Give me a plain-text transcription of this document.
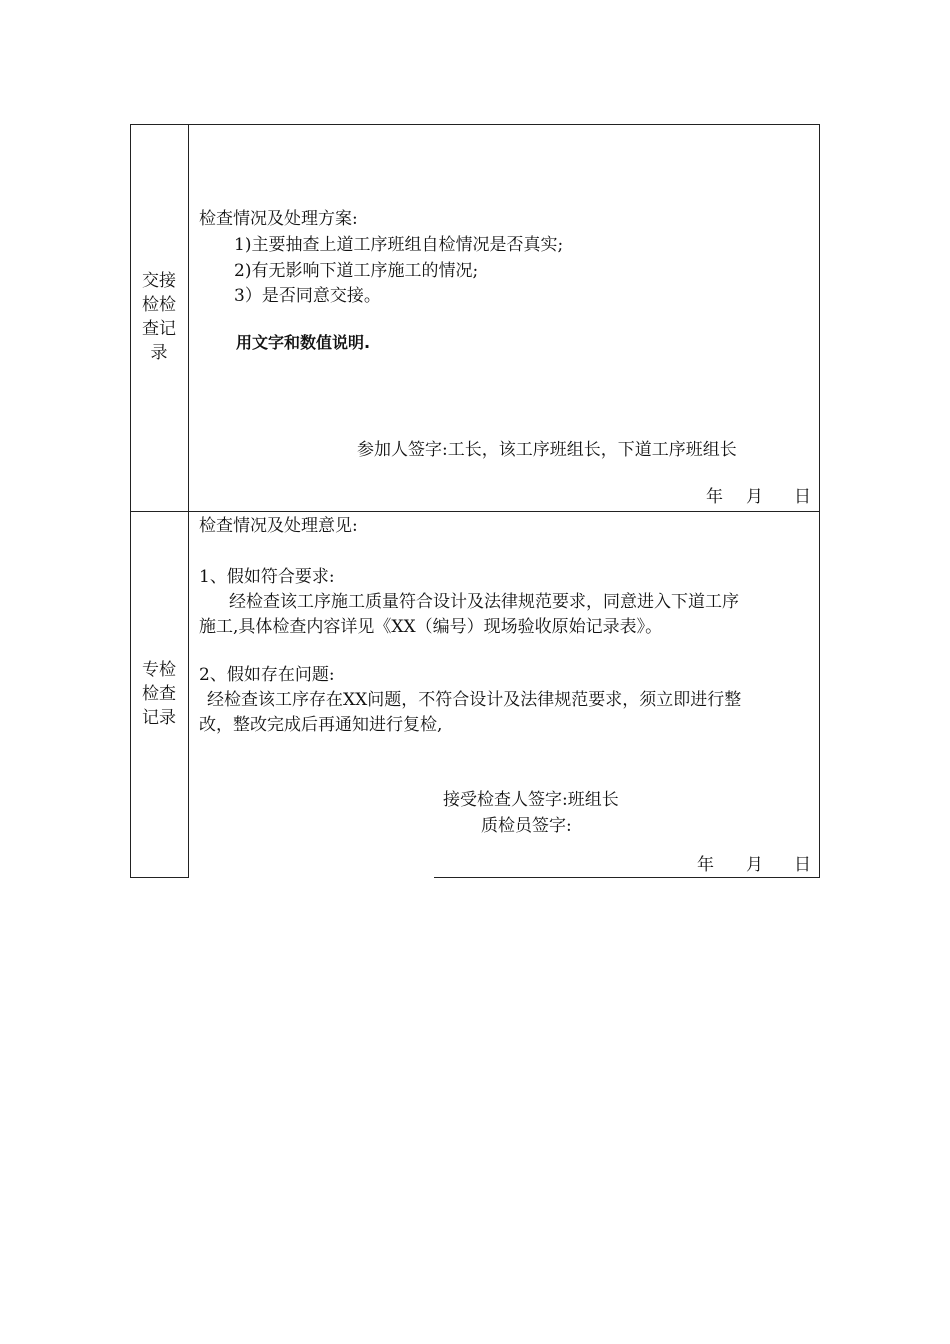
交接
检检
查记
录
检查情况及处理方案:
1)主要抽查上道工序班组自检情况是否真实;
2)有无影响下道工序施工的情况;
3）是否同意交接。
用文字和数值说明.
参加人签字:工长，该工序班组长，下道工序班组长
年 月 日
专检
检查
记录
检查情况及处理意见:
1、假如符合要求:
经检查该工序施工质量符合设计及法律规范要求，同意进入下道工序
施工,具体检查内容详见《XX（编号）现场验收原始记录表》。
2、假如存在问题:
经检查该工序存在XX问题，不符合设计及法律规范要求，须立即进行整
改，整改完成后再通知进行复检,
接受检查人签字:班组长
质检员签字:
年 月 日
